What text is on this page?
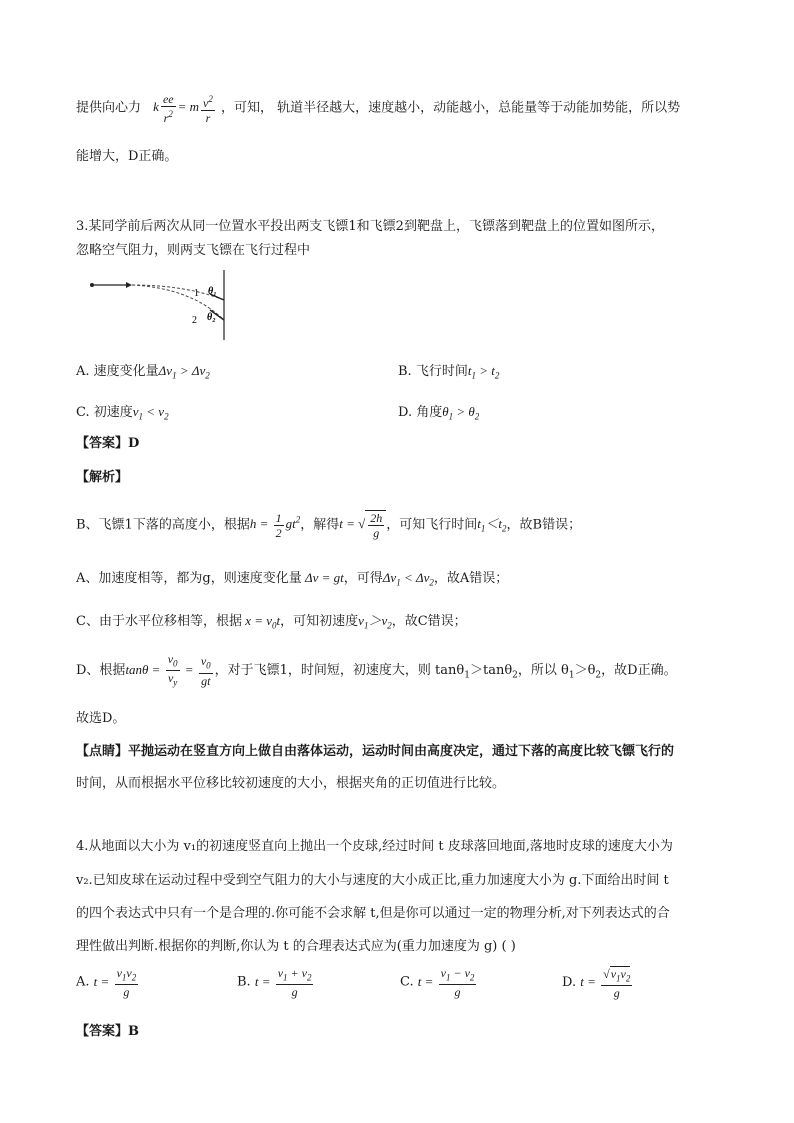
提供向心力 k $\frac{ee}{r^2} = m \frac{v^2}{r}$ ，可知， 轨道半径越大，速度越小，动能越小，总能量等于动能加势能，所以势
能增大，D正确。
3.某同学前后两次从同一位置水平投出两支飞镖1和飞镖2到靶盘上，飞镖落到靶盘上的位置如图所示，
忽略空气阻力，则两支飞镖在飞行过程中
1
2
θ₁
θ₂
A. 速度变化量$\Delta v_1 > \Delta v_2$	B. 飞行时间$t_1 > t_2$
C. 初速度$v_1 < v_2$	D. 角度$\theta_1 > \theta_2$
【答案】D
【解析】
B、飞镖1下落的高度小，根据$h = \frac{1}{2} gt^2$，解得t = √ $\frac{2h}{g}$ ，可知飞行时间$t_1<t_2$，故B错误；
A、加速度相等，都为g，则速度变化量 Δv = gt，可得$\Delta v_1 < \Delta v_2$，故A错误；
C、由于水平位移相等，根据 $x = v_0t$，可知初速度$v_1>v_2$，故C错误；
D、根据$\tan\theta = \frac{v_0}{v_y} = \frac{v_0}{gt}$ ，对于飞镖1，时间短，初速度大，则 tanθ$_1$＞tanθ$_2$，所以 $\theta_1>\theta_2$，故D正确。
故选D。
【点睛】平抛运动在竖直方向上做自由落体运动，运动时间由高度决定，通过下落的高度比较飞镖飞行的
时间，从而根据水平位移比较初速度的大小，根据夹角的正切值进行比较。
4.从地面以大小为 v₁的初速度竖直向上抛出一个皮球,经过时间 t 皮球落回地面,落地时皮球的速度大小为
v₂.已知皮球在运动过程中受到空气阻力的大小与速度的大小成正比,重力加速度大小为 g.下面给出时间 t
的四个表达式中只有一个是合理的.你可能不会求解 t,但是你可以通过一定的物理分析,对下列表达式的合
理性做出判断.根据你的判断,你认为 t 的合理表达式应为(重力加速度为 g) ( )
A. $t = \frac{v_1v_2}{g}$	B. $t = \frac{v_1 + v_2}{g}$	C. $t = \frac{v_1 - v_2}{g}$	D. $t = \frac{√v_1v_2}{g}$
【答案】B
